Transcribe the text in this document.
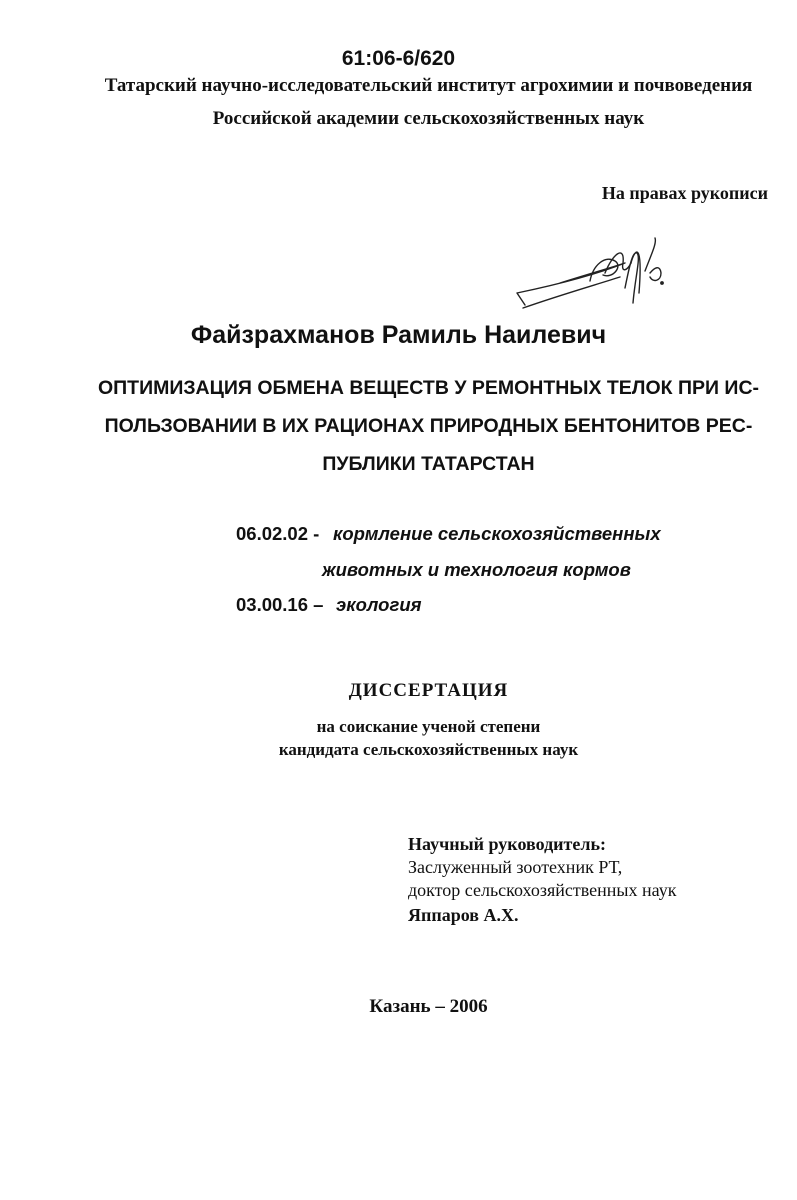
61:06-6/620
Татарский научно-исследовательский институт агрохимии и почвоведения
Российской академии сельскохозяйственных наук
На правах рукописи
Файзрахманов Рамиль Наилевич
ОПТИМИЗАЦИЯ ОБМЕНА ВЕЩЕСТВ У РЕМОНТНЫХ ТЕЛОК ПРИ ИС-
ПОЛЬЗОВАНИИ В ИХ РАЦИОНАХ ПРИРОДНЫХ БЕНТОНИТОВ РЕС-
ПУБЛИКИ ТАТАРСТАН
06.02.02 - кормление сельскохозяйственных
животных и технология кормов
03.00.16 – экология
ДИССЕРТАЦИЯ
на соискание ученой степени
кандидата сельскохозяйственных наук
Научный руководитель:
Заслуженный зоотехник РТ,
доктор сельскохозяйственных наук
Яппаров А.Х.
Казань – 2006
